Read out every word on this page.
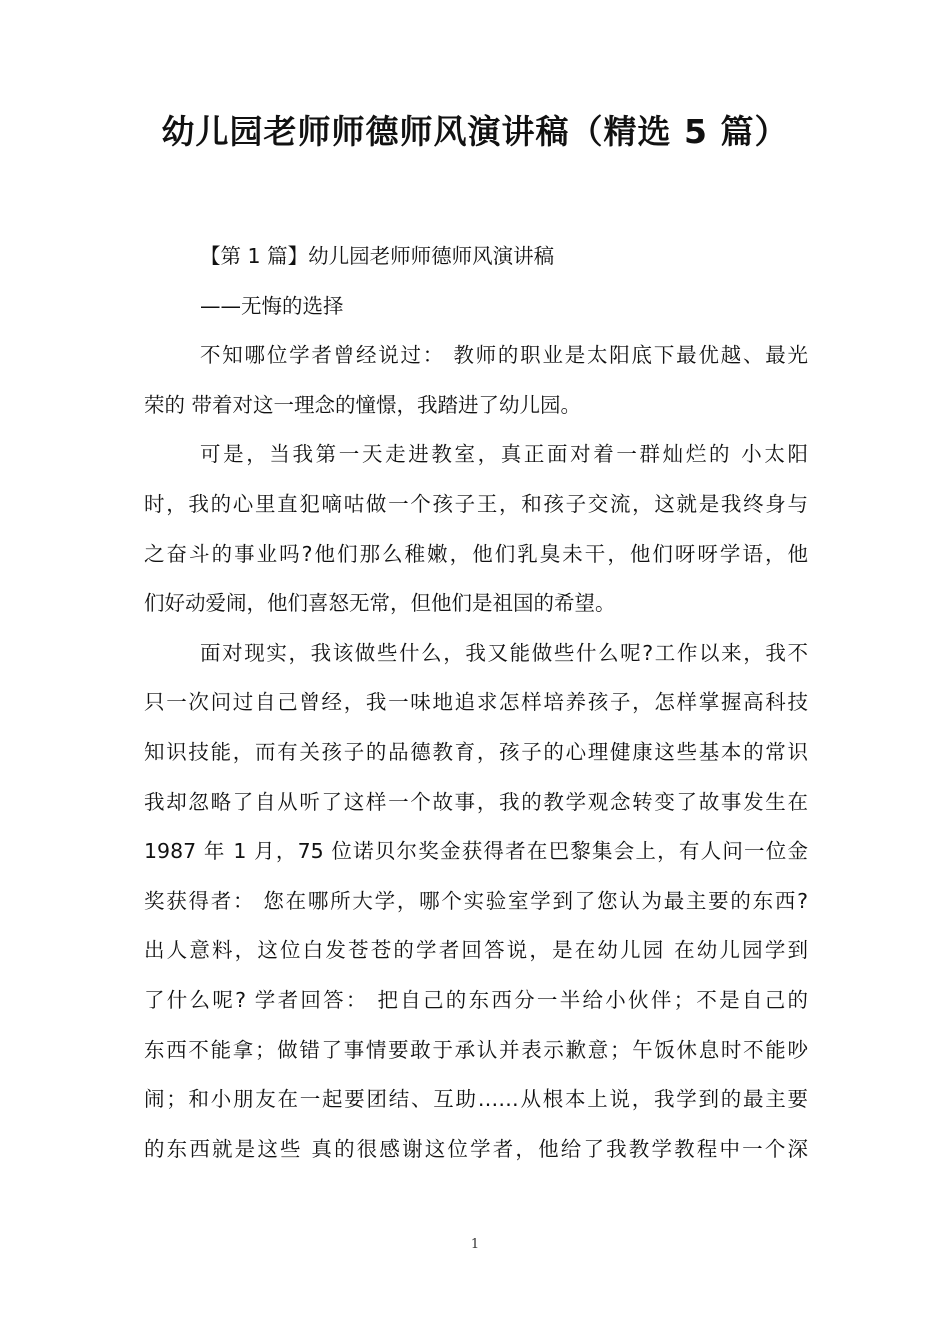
幼儿园老师师德师风演讲稿（精选 5 篇）
【第 1 篇】幼儿园老师师德师风演讲稿
——无悔的选择
不知哪位学者曾经说过： 教师的职业是太阳底下最优越、最光
荣的 带着对这一理念的憧憬，我踏进了幼儿园。
可是，当我第一天走进教室，真正面对着一群灿烂的 小太阳
时，我的心里直犯嘀咕做一个孩子王，和孩子交流，这就是我终身与
之奋斗的事业吗?他们那么稚嫩，他们乳臭未干，他们呀呀学语，他
们好动爱闹，他们喜怒无常，但他们是祖国的希望。
面对现实，我该做些什么，我又能做些什么呢?工作以来，我不
只一次问过自己曾经，我一味地追求怎样培养孩子，怎样掌握高科技
知识技能，而有关孩子的品德教育，孩子的心理健康这些基本的常识
我却忽略了自从听了这样一个故事，我的教学观念转变了故事发生在
1987 年 1 月，75 位诺贝尔奖金获得者在巴黎集会上，有人问一位金
奖获得者： 您在哪所大学，哪个实验室学到了您认为最主要的东西?
出人意料，这位白发苍苍的学者回答说，是在幼儿园 在幼儿园学到
了什么呢? 学者回答： 把自己的东西分一半给小伙伴；不是自己的
东西不能拿；做错了事情要敢于承认并表示歉意；午饭休息时不能吵
闹；和小朋友在一起要团结、互助……从根本上说，我学到的最主要
的东西就是这些 真的很感谢这位学者，他给了我教学教程中一个深
1
